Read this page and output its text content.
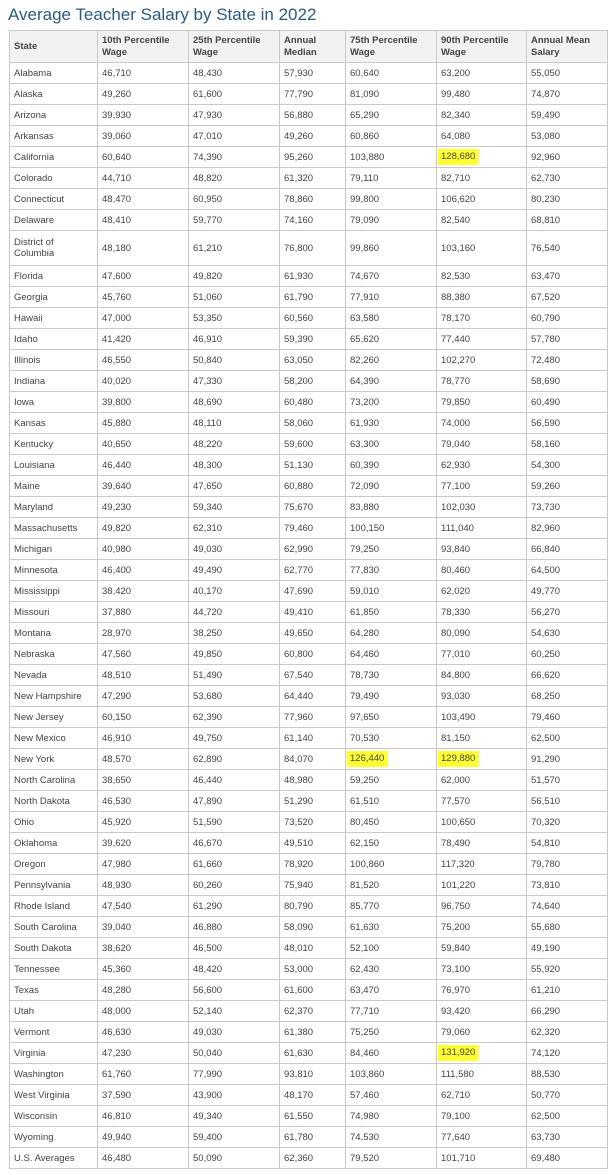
Average Teacher Salary by State in 2022
State	10th Percentile Wage	25th Percentile Wage	Annual Median	75th Percentile Wage	90th Percentile Wage	Annual Mean Salary
Alabama	46,710	48,430	57,930	60,640	63,200	55,050
Alaska	49,260	61,600	77,790	81,090	99,480	74,870
Arizona	39,930	47,930	56,880	65,290	82,340	59,490
Arkansas	39,060	47,010	49,260	60,860	64,080	53,080
California	60,640	74,390	95,260	103,880	128,680	92,960
Colorado	44,710	48,820	61,320	79,110	82,710	62,730
Connecticut	48,470	60,950	78,860	99,800	106,620	80,230
Delaware	48,410	59,770	74,160	79,090	82,540	68,810
District of Columbia	48,180	61,210	76,800	99,860	103,160	76,540
Florida	47,600	49,820	61,930	74,670	82,530	63,470
Georgia	45,760	51,060	61,790	77,910	88,380	67,520
Hawaii	47,000	53,350	60,560	63,580	78,170	60,790
Idaho	41,420	46,910	59,390	65,620	77,440	57,780
Illinois	46,550	50,840	63,050	82,260	102,270	72,480
Indiana	40,020	47,330	58,200	64,390	78,770	58,690
Iowa	39,800	48,690	60,480	73,200	79,850	60,490
Kansas	45,880	48,110	58,060	61,930	74,000	56,590
Kentucky	40,650	48,220	59,600	63,300	79,040	58,160
Louisiana	46,440	48,300	51,130	60,390	62,930	54,300
Maine	39,640	47,650	60,880	72,090	77,100	59,260
Maryland	49,230	59,340	75,670	83,880	102,030	73,730
Massachusetts	49,820	62,310	79,460	100,150	111,040	82,960
Michigan	40,980	49,030	62,990	79,250	93,840	66,840
Minnesota	46,400	49,490	62,770	77,830	80,460	64,500
Mississippi	38,420	40,170	47,690	59,010	62,020	49,770
Missouri	37,880	44,720	49,410	61,850	78,330	56,270
Montana	28,970	38,250	49,650	64,280	80,090	54,630
Nebraska	47,560	49,850	60,800	64,460	77,010	60,250
Nevada	48,510	51,490	67,540	78,730	84,800	66,620
New Hampshire	47,290	53,680	64,440	79,490	93,030	68,250
New Jersey	60,150	62,390	77,960	97,650	103,490	79,460
New Mexico	46,910	49,750	61,140	70,530	81,150	62,500
New York	48,570	62,890	84,070	126,440	129,880	91,290
North Carolina	38,650	46,440	48,980	59,250	62,000	51,570
North Dakota	46,530	47,890	51,290	61,510	77,570	56,510
Ohio	45,920	51,590	73,520	80,450	100,650	70,320
Oklahoma	39,620	46,670	49,510	62,150	78,490	54,810
Oregon	47,980	61,660	78,920	100,860	117,320	79,780
Pennsylvania	48,930	60,260	75,940	81,520	101,220	73,810
Rhode Island	47,540	61,290	80,790	85,770	96,750	74,640
South Carolina	39,040	46,880	58,090	61,630	75,200	55,680
South Dakota	38,620	46,500	48,010	52,100	59,840	49,190
Tennessee	45,360	48,420	53,000	62,430	73,100	55,920
Texas	48,280	56,600	61,600	63,470	76,970	61,210
Utah	48,000	52,140	62,370	77,710	93,420	66,290
Vermont	46,630	49,030	61,380	75,250	79,060	62,320
Virginia	47,230	50,040	61,630	84,460	131,920	74,120
Washington	61,760	77,990	93,810	103,860	111,580	88,530
West Virginia	37,590	43,900	48,170	57,460	62,710	50,770
Wisconsin	46,810	49,340	61,550	74,980	79,100	62,500
Wyoming	49,940	59,400	61,780	74,530	77,640	63,730
U.S. Averages	46,480	50,090	62,360	79,520	101,710	69,480
